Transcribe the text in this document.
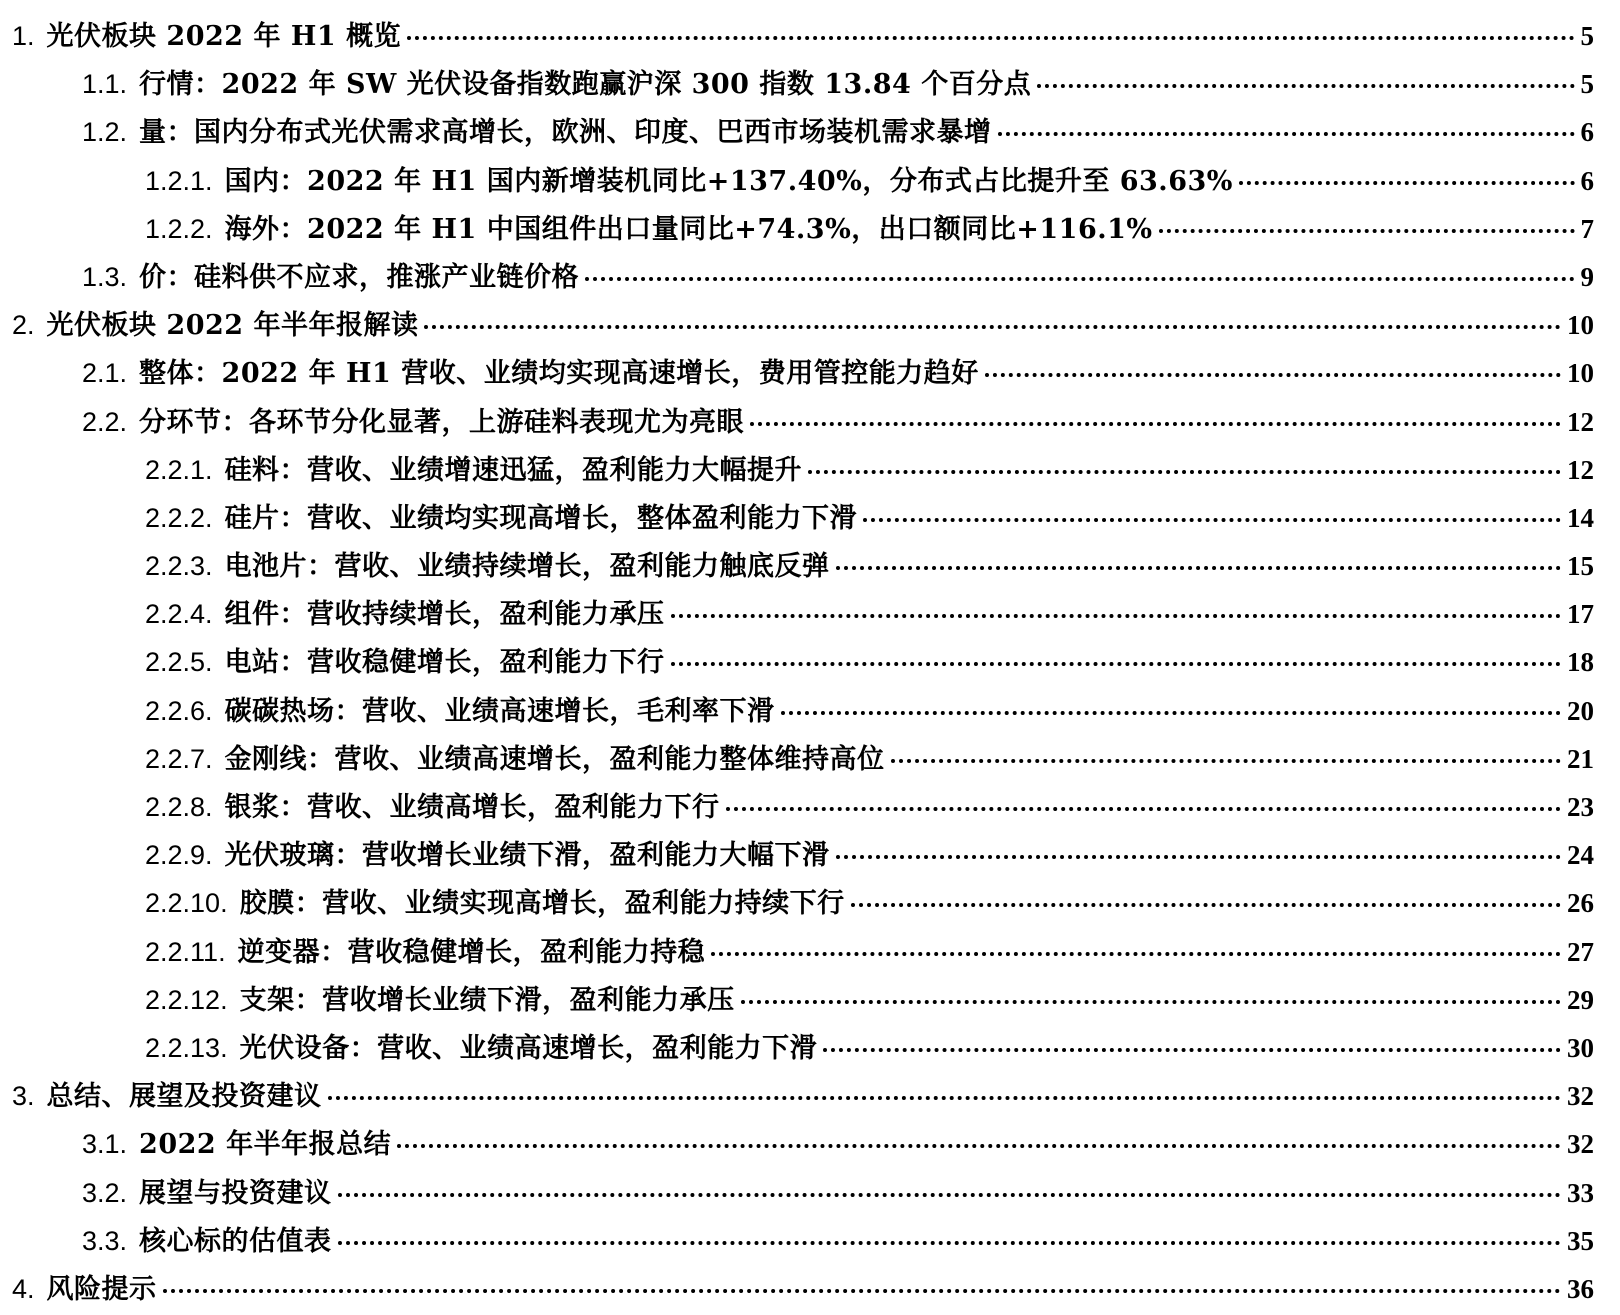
1. 光伏板块 2022 年 H1 概览	5
1.1. 行情：2022 年 SW 光伏设备指数跑赢沪深 300 指数 13.84 个百分点	5
1.2. 量：国内分布式光伏需求高增长，欧洲、印度、巴西市场装机需求暴增	6
1.2.1. 国内：2022 年 H1 国内新增装机同比+137.40%，分布式占比提升至 63.63%	6
1.2.2. 海外：2022 年 H1 中国组件出口量同比+74.3%，出口额同比+116.1%	7
1.3. 价：硅料供不应求，推涨产业链价格	9
2. 光伏板块 2022 年半年报解读	10
2.1. 整体：2022 年 H1 营收、业绩均实现高速增长，费用管控能力趋好	10
2.2. 分环节：各环节分化显著，上游硅料表现尤为亮眼	12
2.2.1. 硅料：营收、业绩增速迅猛，盈利能力大幅提升	12
2.2.2. 硅片：营收、业绩均实现高增长，整体盈利能力下滑	14
2.2.3. 电池片：营收、业绩持续增长，盈利能力触底反弹	15
2.2.4. 组件：营收持续增长，盈利能力承压	17
2.2.5. 电站：营收稳健增长，盈利能力下行	18
2.2.6. 碳碳热场：营收、业绩高速增长，毛利率下滑	20
2.2.7. 金刚线：营收、业绩高速增长，盈利能力整体维持高位	21
2.2.8. 银浆：营收、业绩高增长，盈利能力下行	23
2.2.9. 光伏玻璃：营收增长业绩下滑，盈利能力大幅下滑	24
2.2.10. 胶膜：营收、业绩实现高增长，盈利能力持续下行	26
2.2.11. 逆变器：营收稳健增长，盈利能力持稳	27
2.2.12. 支架：营收增长业绩下滑，盈利能力承压	29
2.2.13. 光伏设备：营收、业绩高速增长，盈利能力下滑	30
3. 总结、展望及投资建议	32
3.1. 2022 年半年报总结	32
3.2. 展望与投资建议	33
3.3. 核心标的估值表	35
4. 风险提示	36
